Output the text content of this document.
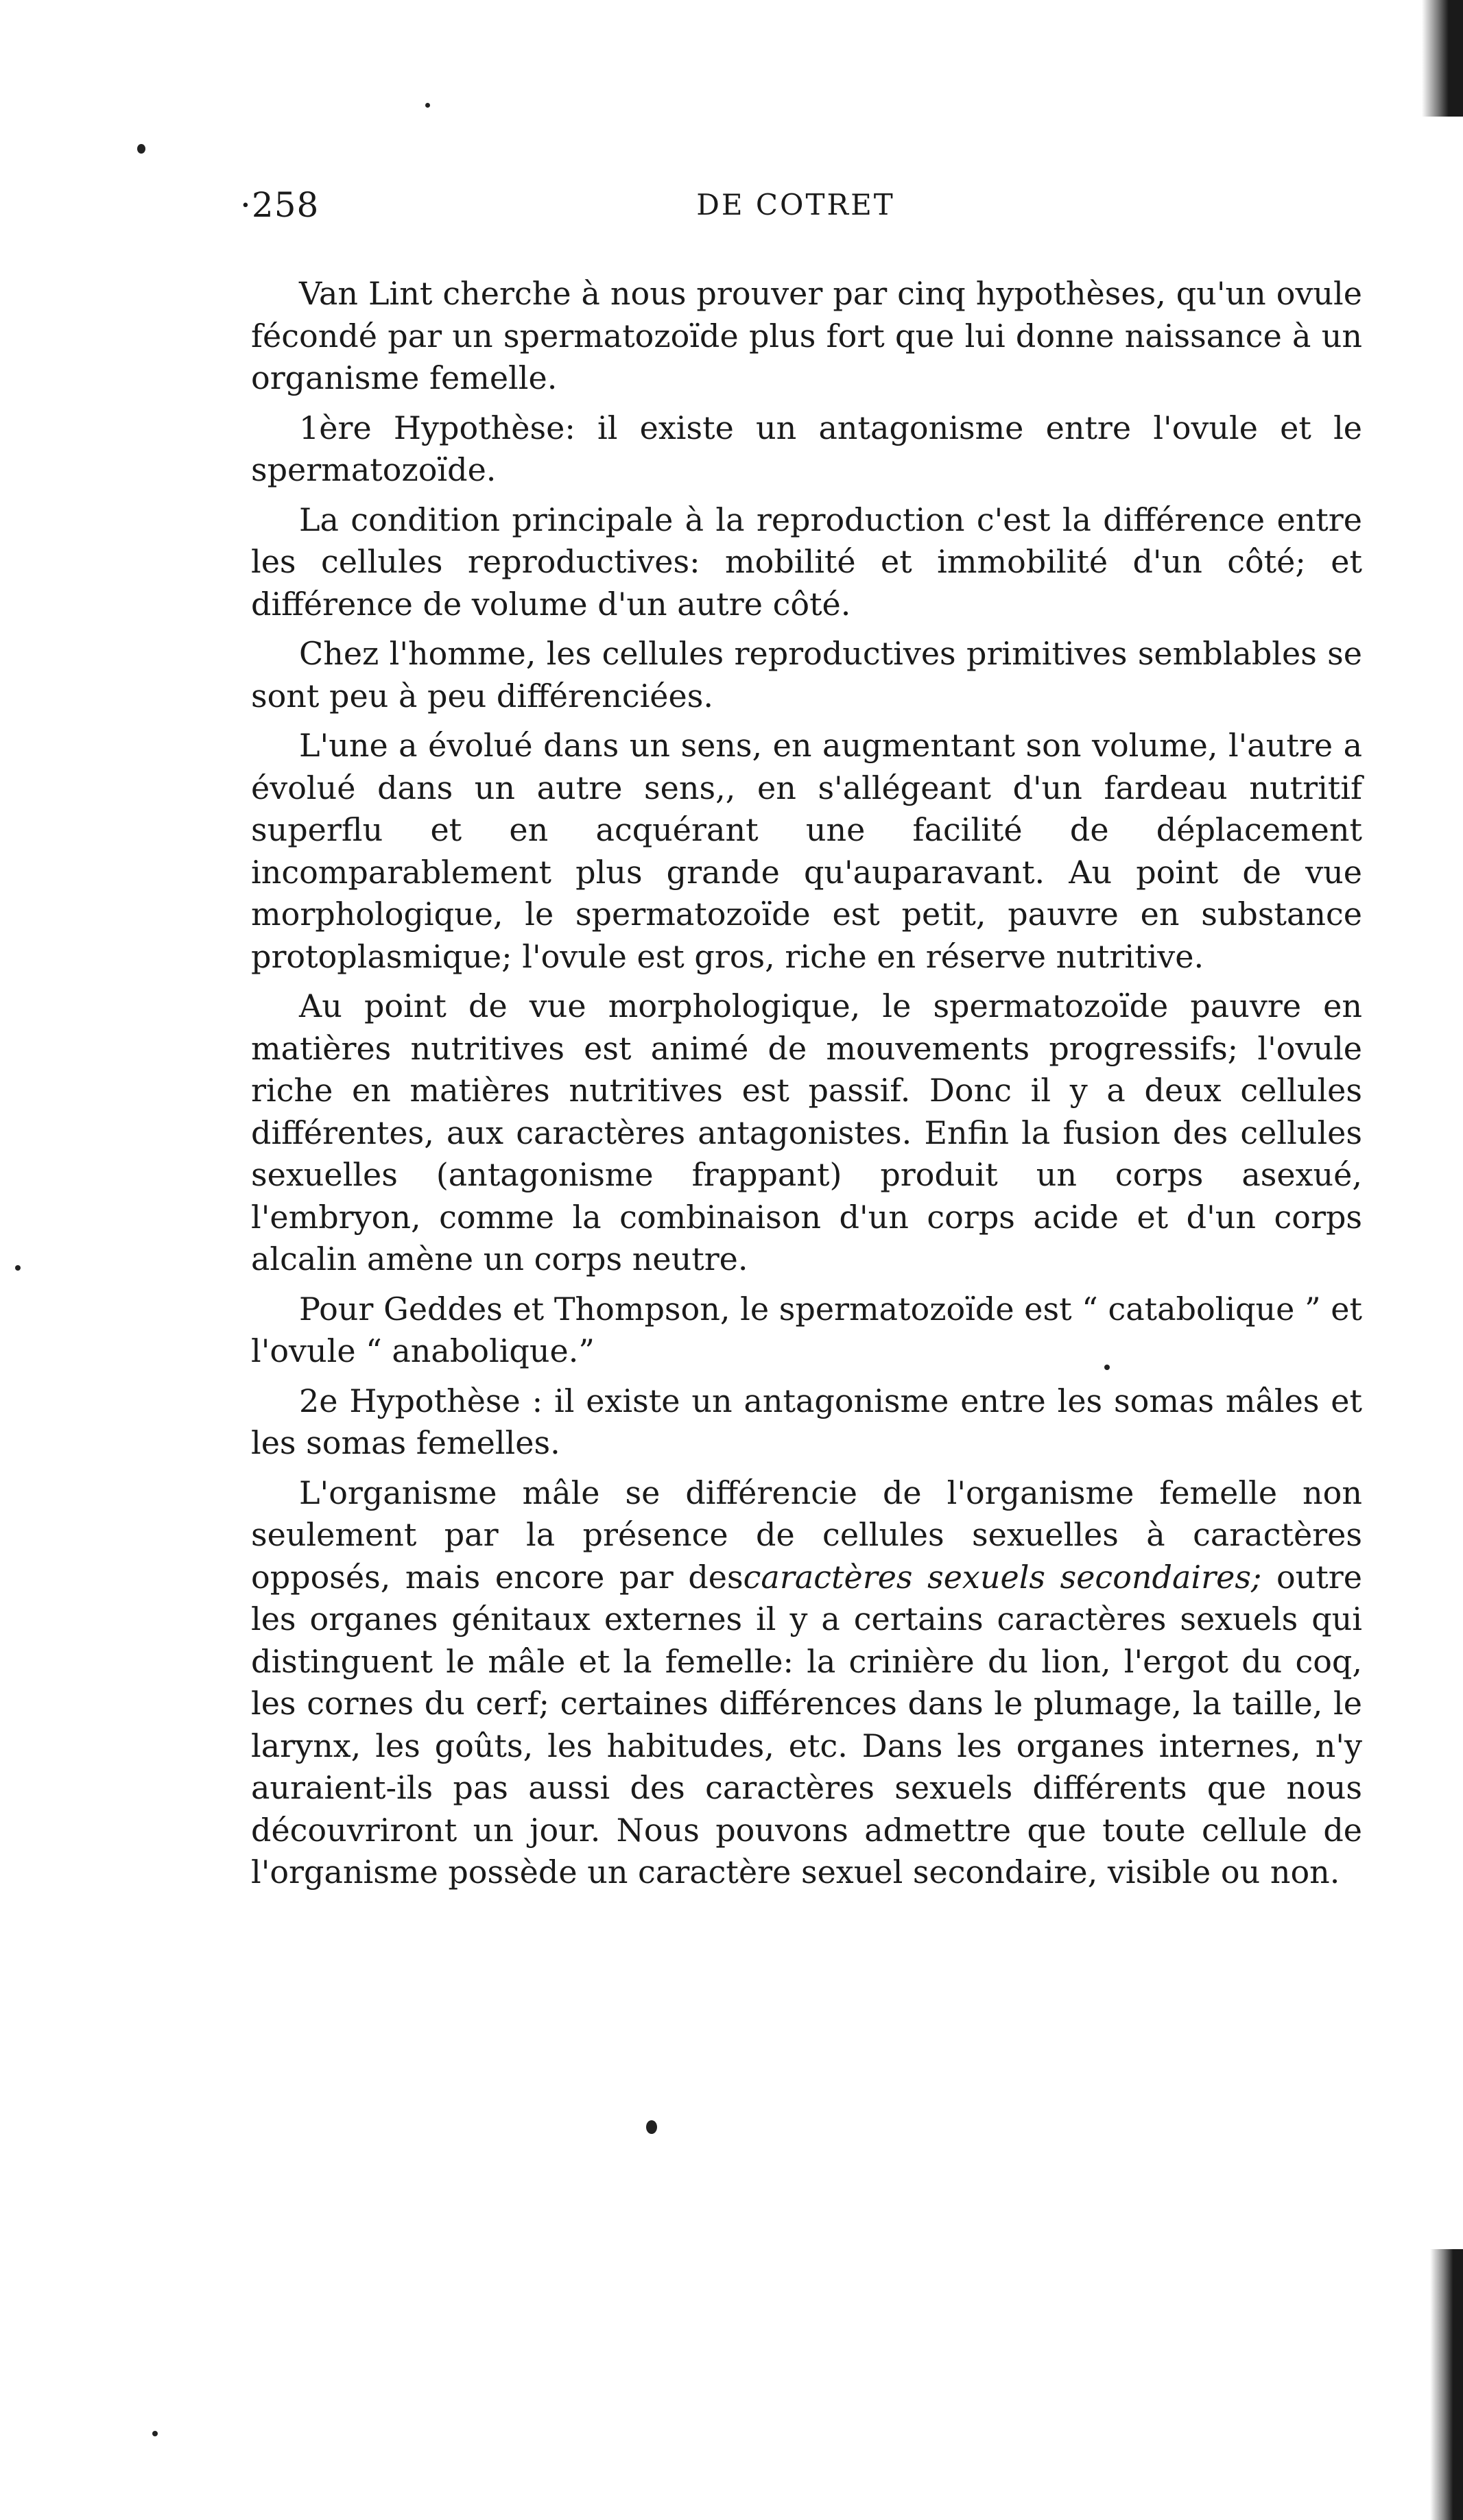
·258	DE COTRET

Van Lint cherche à nous prouver par cinq hypothèses, qu'un ovule fécondé par un spermatozoïde plus fort que lui donne naissance à un organisme femelle.

1ère Hypothèse: il existe un antagonisme entre l'ovule et le spermatozoïde.

La condition principale à la reproduction c'est la différence entre les cellules reproductives: mobilité et immobilité d'un côté; et différence de volume d'un autre côté.

Chez l'homme, les cellules reproductives primitives semblables se sont peu à peu différenciées.

L'une a évolué dans un sens, en augmentant son volume, l'autre a évolué dans un autre sens,, en s'allégeant d'un fardeau nutritif superflu et en acquérant une facilité de déplacement incomparablement plus grande qu'auparavant. Au point de vue morphologique, le spermatozoïde est petit, pauvre en substance protoplasmique; l'ovule est gros, riche en réserve nutritive.

Au point de vue morphologique, le spermatozoïde pauvre en matières nutritives est animé de mouvements progressifs; l'ovule riche en matières nutritives est passif. Donc il y a deux cellules différentes, aux caractères antagonistes. Enfin la fusion des cellules sexuelles (antagonisme frappant) produit un corps asexué, l'embryon, comme la combinaison d'un corps acide et d'un corps alcalin amène un corps neutre.

Pour Geddes et Thompson, le spermatozoïde est “ catabolique ” et l'ovule “ anabolique.”

2e Hypothèse : il existe un antagonisme entre les somas mâles et les somas femelles.

L'organisme mâle se différencie de l'organisme femelle non seulement par la présence de cellules sexuelles à caractères opposés, mais encore par descaractères sexuels secondaires; outre les organes génitaux externes il y a certains caractères sexuels qui distinguent le mâle et la femelle: la crinière du lion, l'ergot du coq, les cornes du cerf; certaines différences dans le plumage, la taille, le larynx, les goûts, les habitudes, etc. Dans les organes internes, n'y auraient-ils pas aussi des caractères sexuels différents que nous découvriront un jour. Nous pouvons admettre que toute cellule de l'organisme possède un caractère sexuel secondaire, visible ou non.
